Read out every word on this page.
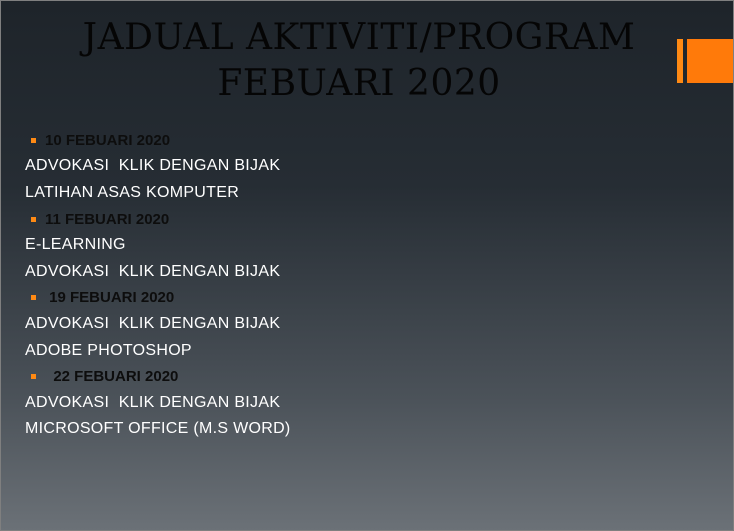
JADUAL AKTIVITI/PROGRAM
FEBUARI 2020
10 FEBUARI 2020
ADVOKASI  KLIK DENGAN BIJAK
LATIHAN ASAS KOMPUTER
11 FEBUARI 2020
E-LEARNING
ADVOKASI  KLIK DENGAN BIJAK
19 FEBUARI 2020
ADVOKASI  KLIK DENGAN BIJAK
ADOBE PHOTOSHOP
22 FEBUARI 2020
ADVOKASI  KLIK DENGAN BIJAK
MICROSOFT OFFICE (M.S WORD)
